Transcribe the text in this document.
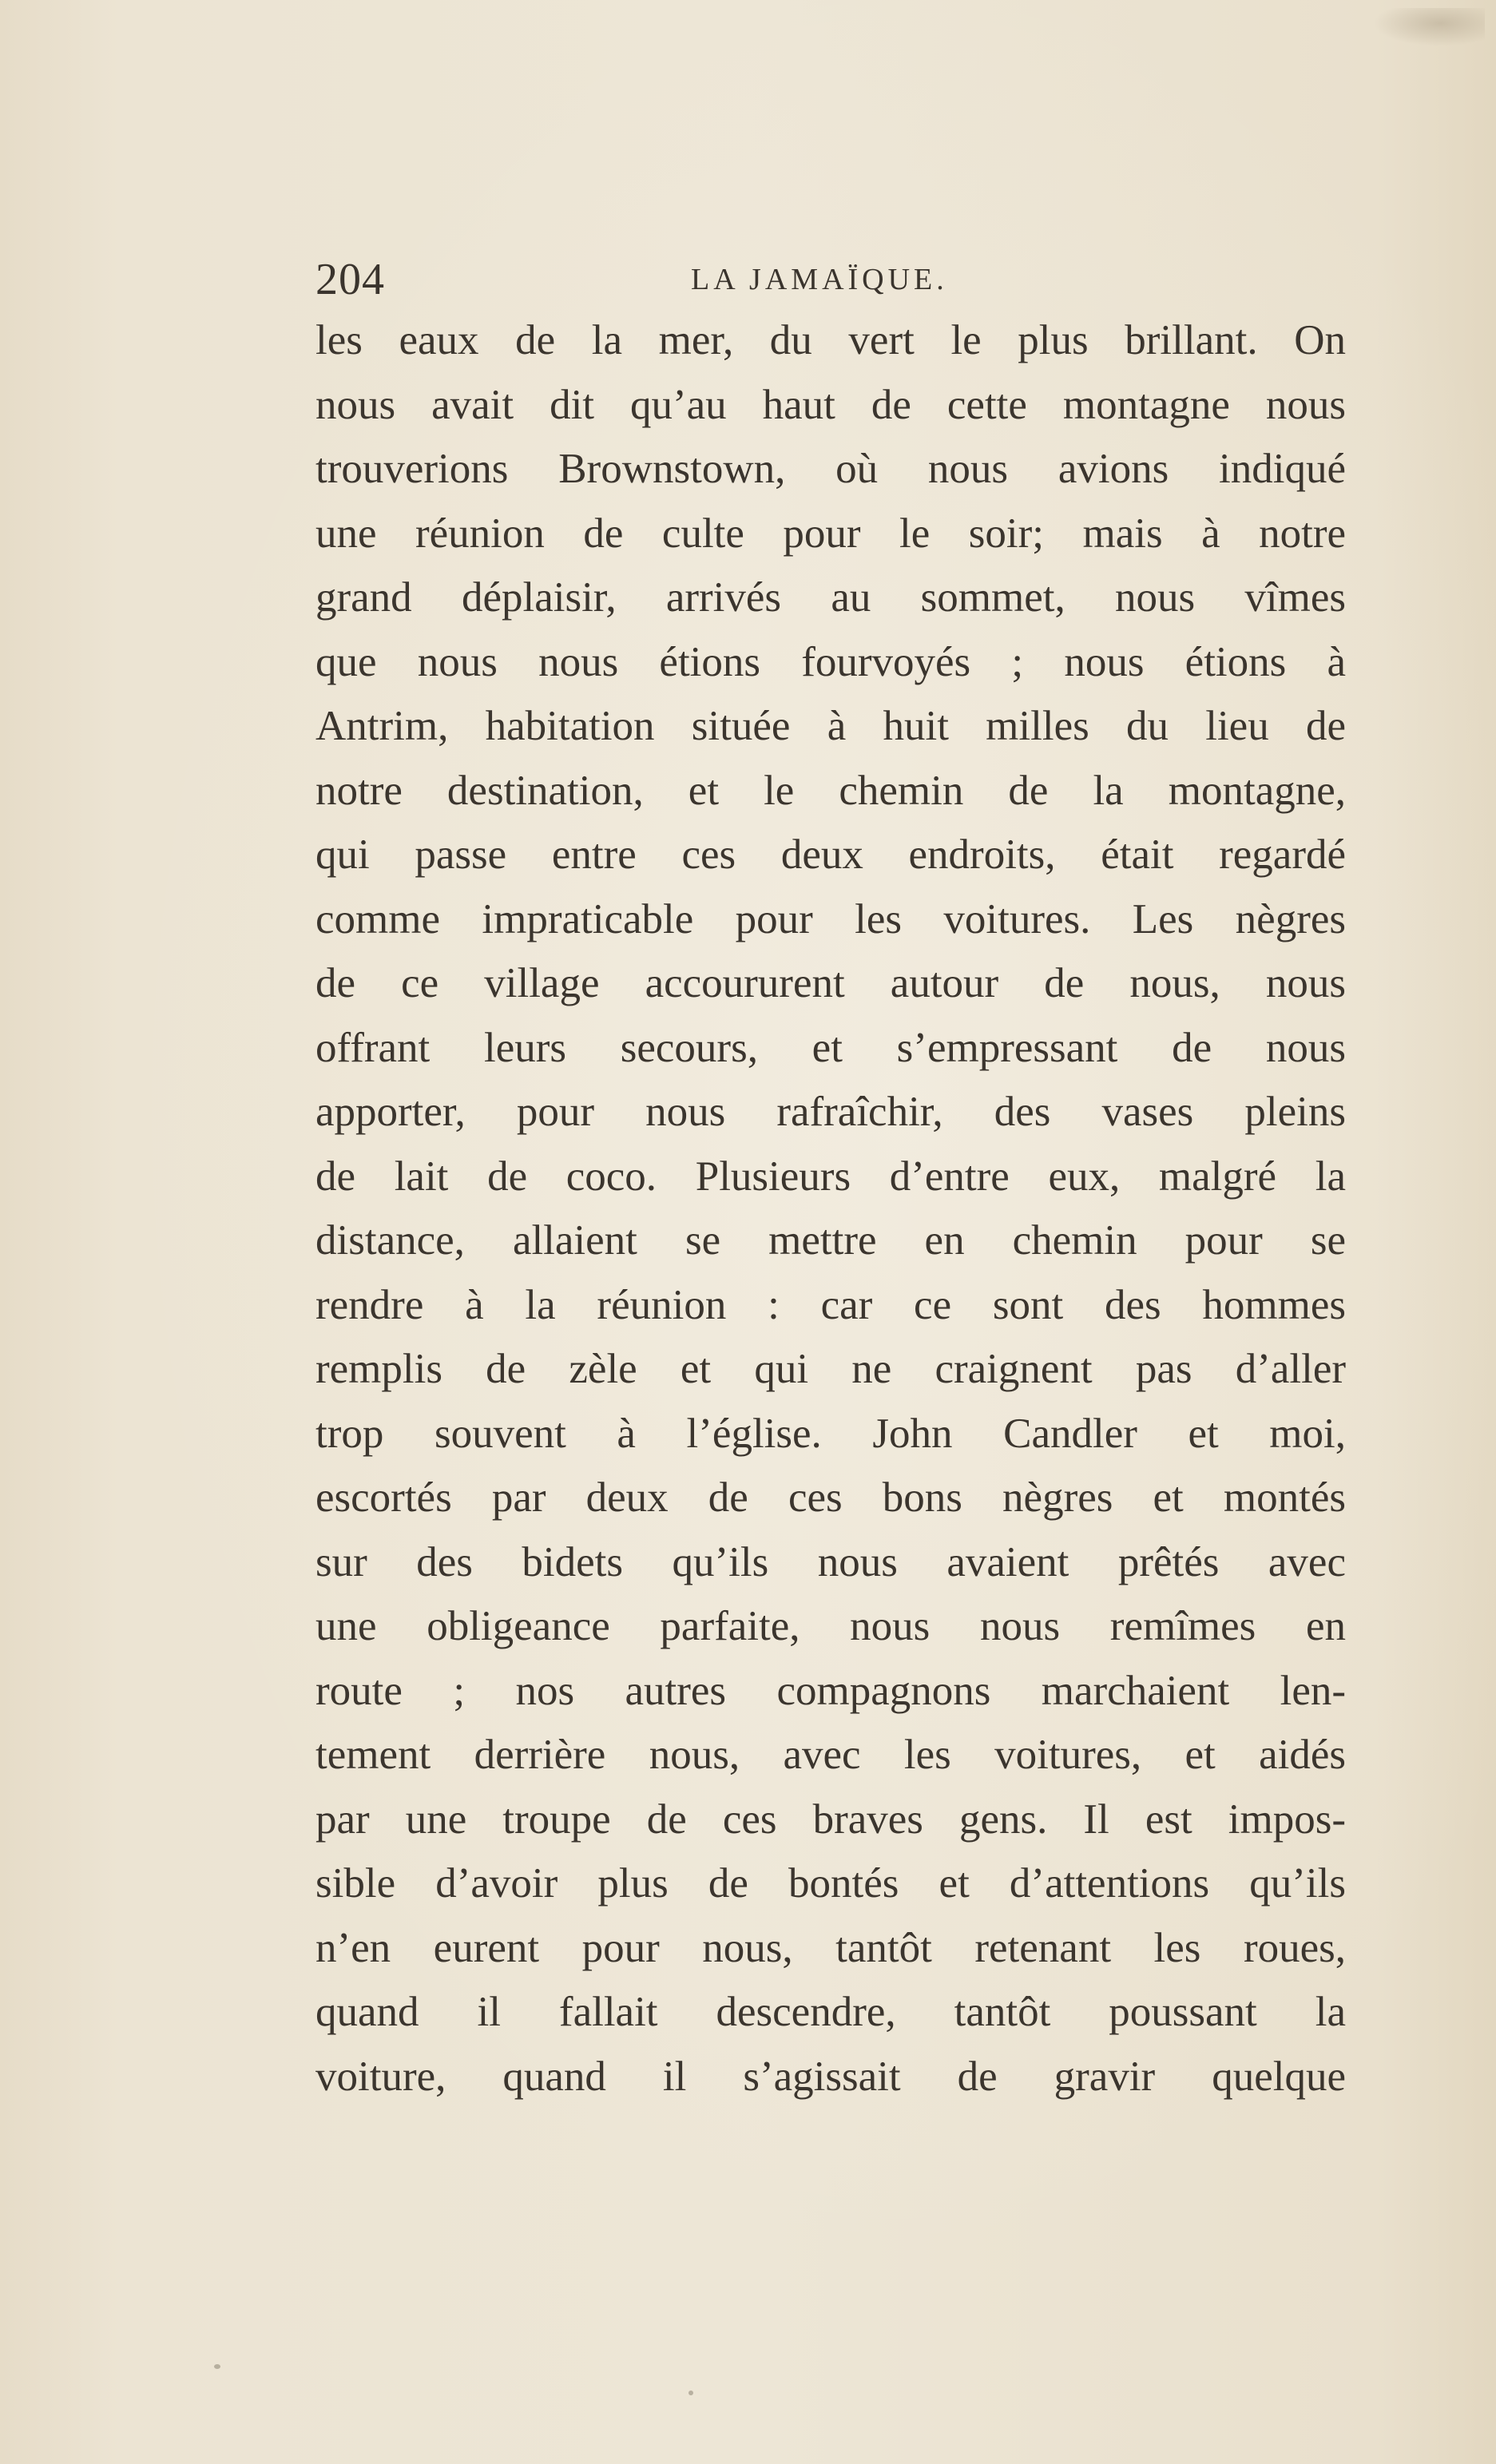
204	LA JAMAÏQUE.
les eaux de la mer, du vert le plus brillant. On
nous avait dit qu’au haut de cette montagne nous
trouverions Brownstown, où nous avions indiqué
une réunion de culte pour le soir; mais à notre
grand déplaisir, arrivés au sommet, nous vîmes
que nous nous étions fourvoyés ; nous étions à
Antrim, habitation située à huit milles du lieu de
notre destination, et le chemin de la montagne,
qui passe entre ces deux endroits, était regardé
comme impraticable pour les voitures. Les nègres
de ce village accoururent autour de nous, nous
offrant leurs secours, et s’empressant de nous
apporter, pour nous rafraîchir, des vases pleins
de lait de coco. Plusieurs d’entre eux, malgré la
distance, allaient se mettre en chemin pour se
rendre à la réunion : car ce sont des hommes
remplis de zèle et qui ne craignent pas d’aller
trop souvent à l’église. John Candler et moi,
escortés par deux de ces bons nègres et montés
sur des bidets qu’ils nous avaient prêtés avec
une obligeance parfaite, nous nous remîmes en
route ; nos autres compagnons marchaient len-
tement derrière nous, avec les voitures, et aidés
par une troupe de ces braves gens. Il est impos-
sible d’avoir plus de bontés et d’attentions qu’ils
n’en eurent pour nous, tantôt retenant les roues,
quand il fallait descendre, tantôt poussant la
voiture, quand il s’agissait de gravir quelque
